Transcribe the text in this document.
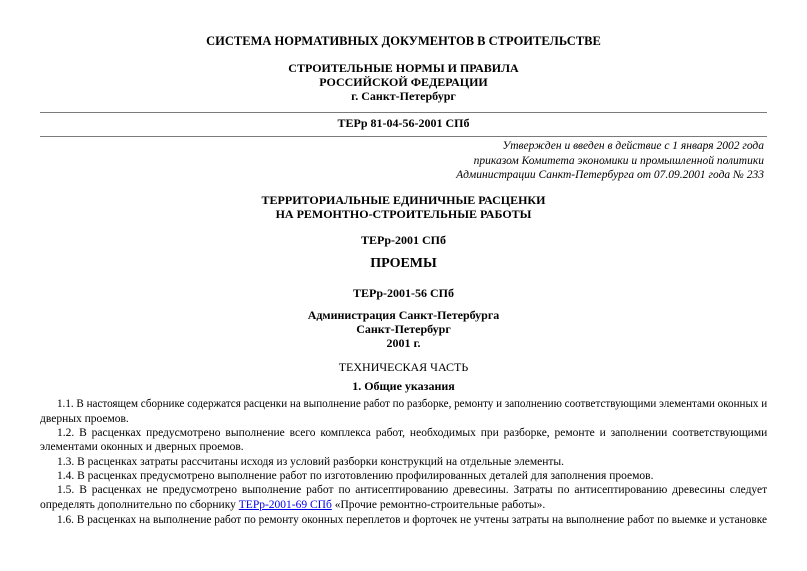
СИСТЕМА НОРМАТИВНЫХ ДОКУМЕНТОВ В СТРОИТЕЛЬСТВЕ
СТРОИТЕЛЬНЫЕ НОРМЫ И ПРАВИЛА
РОССИЙСКОЙ ФЕДЕРАЦИИ
г. Санкт-Петербург
ТЕРр 81-04-56-2001 СПб
Утвержден и введен в действие с 1 января 2002 года
приказом Комитета экономики и промышленной политики
Администрации Санкт-Петербурга от 07.09.2001 года № 233
ТЕРРИТОРИАЛЬНЫЕ ЕДИНИЧНЫЕ РАСЦЕНКИ
НА РЕМОНТНО-СТРОИТЕЛЬНЫЕ РАБОТЫ
ТЕРр-2001 СПб
ПРОЕМЫ
ТЕРр-2001-56 СПб
Администрация Санкт-Петербурга
Санкт-Петербург
2001 г.
ТЕХНИЧЕСКАЯ ЧАСТЬ
1. Общие указания
1.1. В настоящем сборнике содержатся расценки на выполнение работ по разборке, ремонту и заполнению соответствующими элементами оконных и
дверных проемов.
1.2. В расценках предусмотрено выполнение всего комплекса работ, необходимых при разборке, ремонте и заполнении соответствующими
элементами оконных и дверных проемов.
1.3. В расценках затраты рассчитаны исходя из условий разборки конструкций на отдельные элементы.
1.4. В расценках предусмотрено выполнение работ по изготовлению профилированных деталей для заполнения проемов.
1.5. В расценках не предусмотрено выполнение работ по антисептированию древесины. Затраты по антисептированию древесины следует
определять дополнительно по сборнику ТЕРр-2001-69 СПб «Прочие ремонтно-строительные работы».
1.6. В расценках на выполнение работ по ремонту оконных переплетов и форточек не учтены затраты на выполнение работ по выемке и установке
